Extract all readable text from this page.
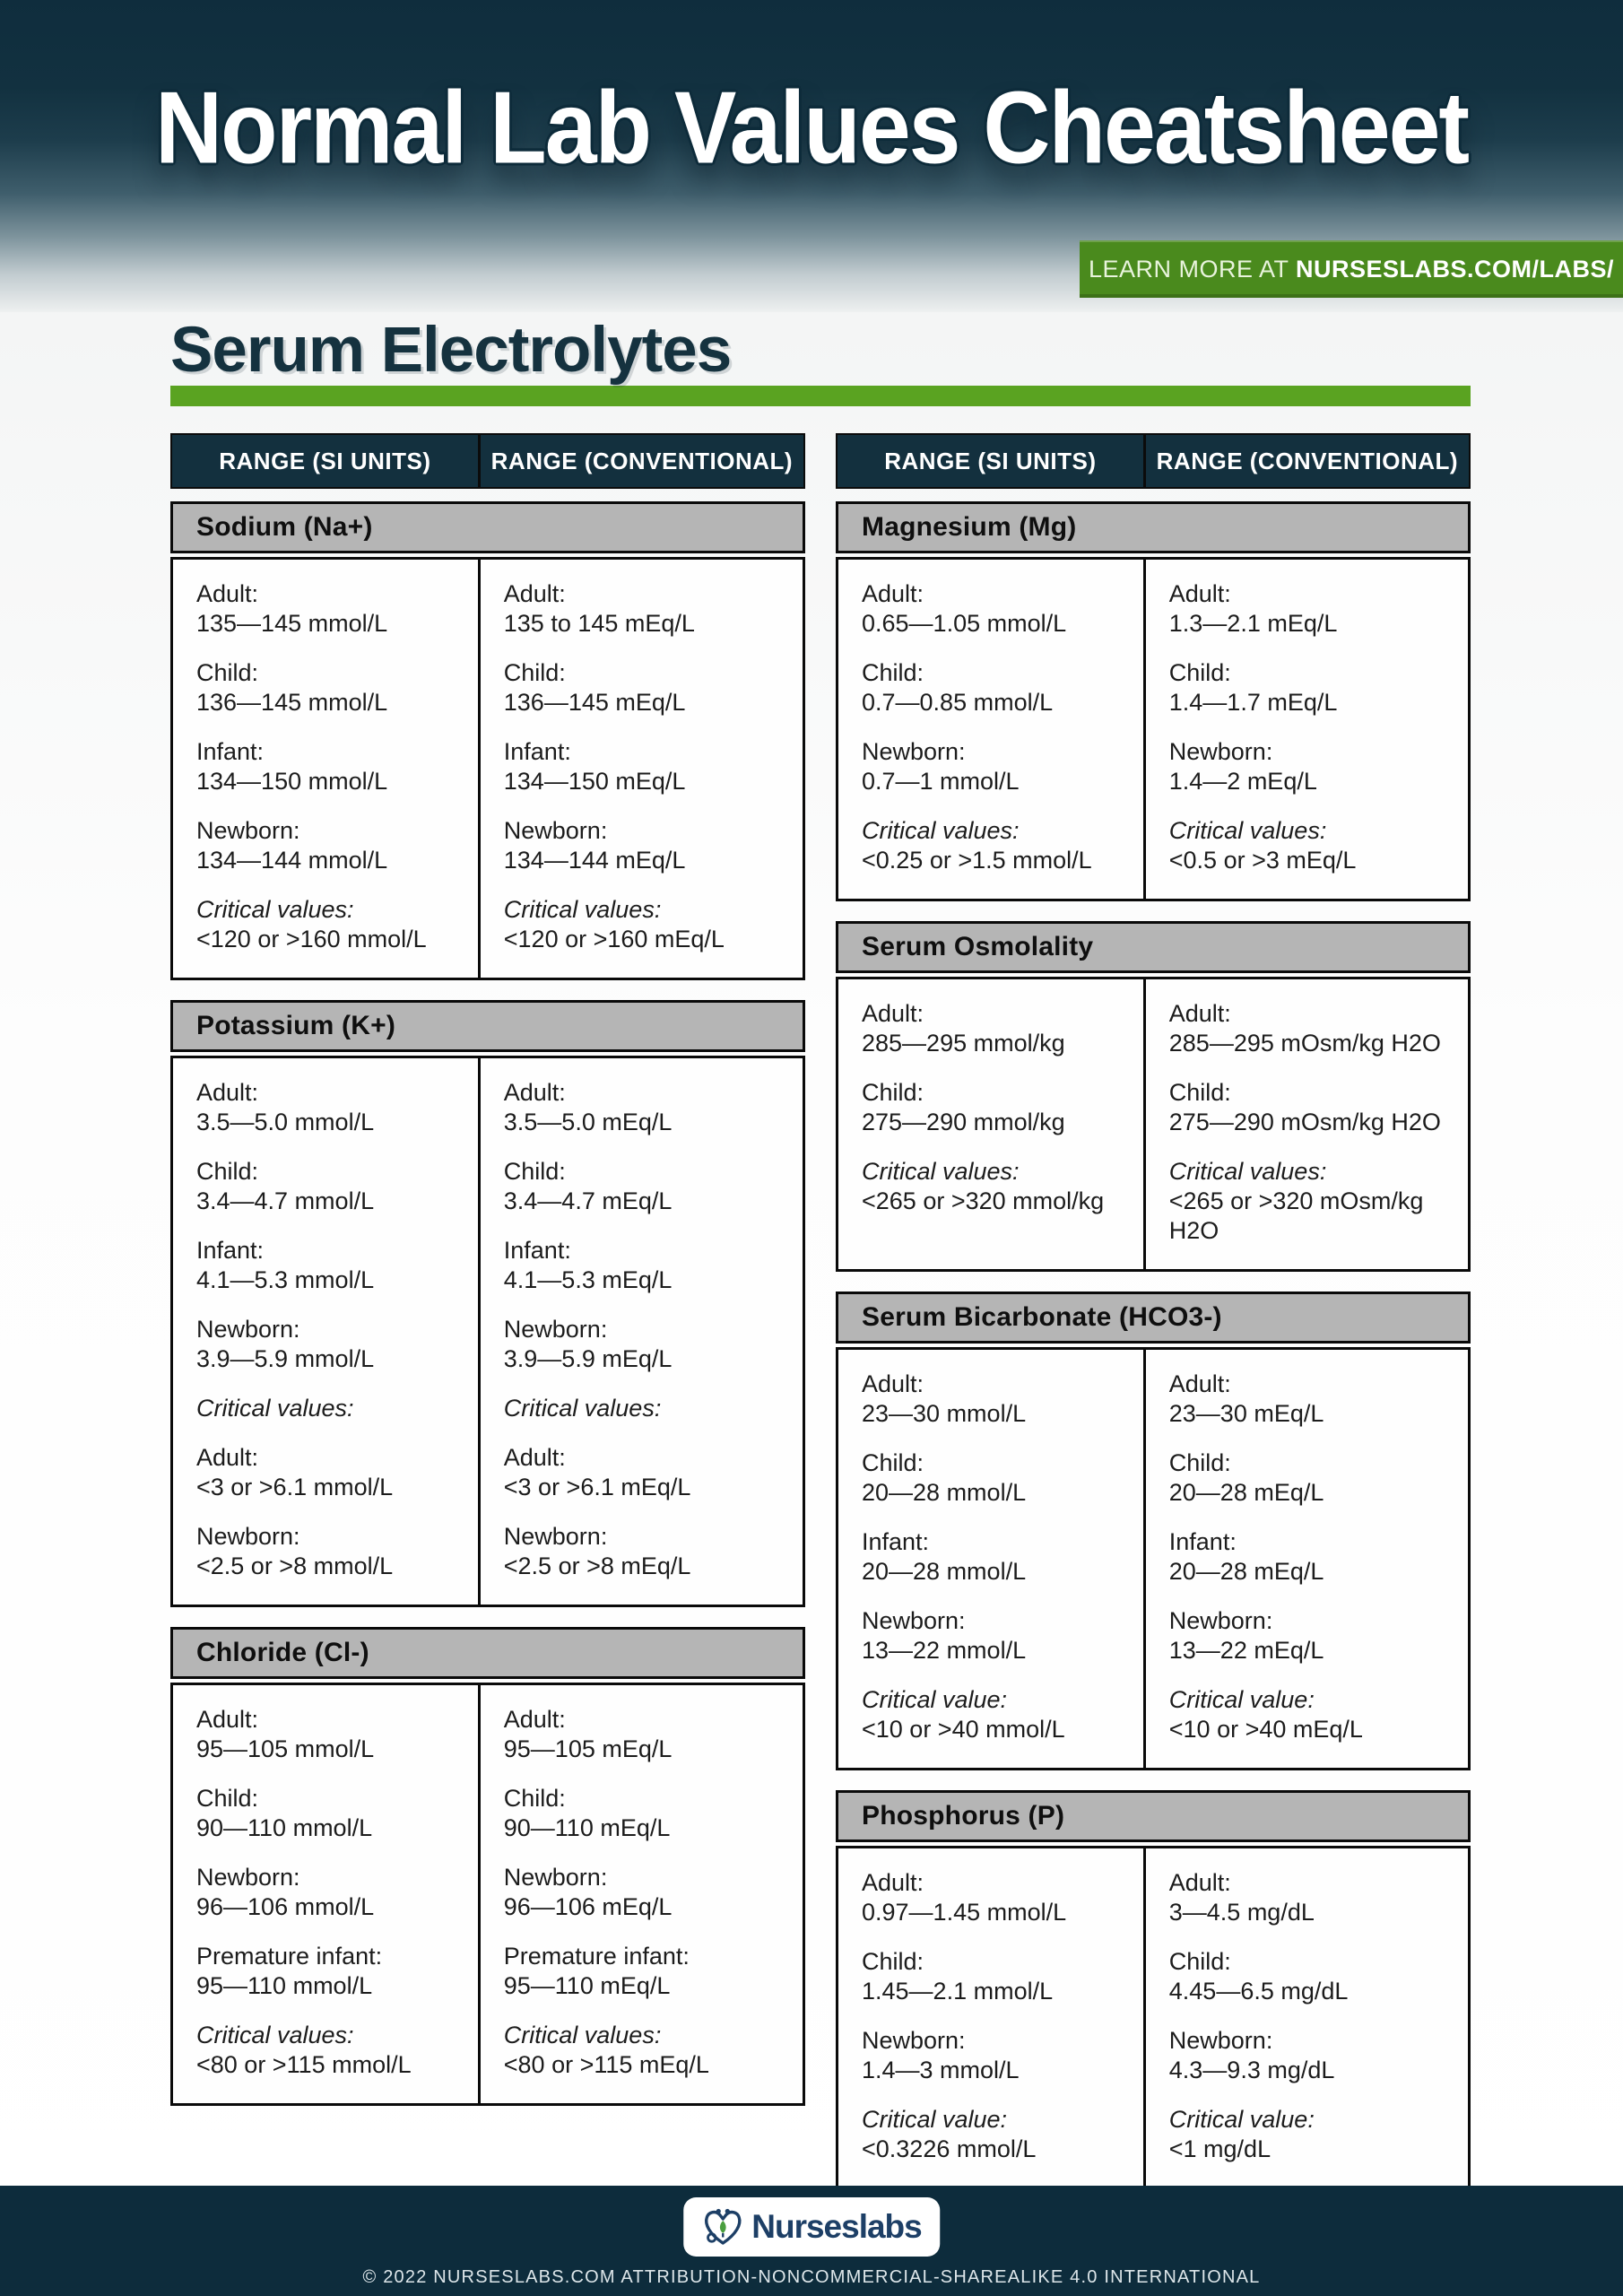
Normal Lab Values Cheatsheet
LEARN MORE AT NURSESLABS.COM/LABS/
Serum Electrolytes
RANGE (SI UNITS)	RANGE (CONVENTIONAL)
Sodium (Na+)
Adult:
135—145 mmol/L
Child:
136—145 mmol/L
Infant:
134—150 mmol/L
Newborn:
134—144 mmol/L
Critical values:
<120 or >160 mmol/L
Adult:
135 to 145 mEq/L
Child:
136—145 mEq/L
Infant:
134—150 mEq/L
Newborn:
134—144 mEq/L
Critical values:
<120 or >160 mEq/L
Potassium (K+)
Adult:
3.5—5.0 mmol/L
Child:
3.4—4.7 mmol/L
Infant:
4.1—5.3 mmol/L
Newborn:
3.9—5.9 mmol/L
Critical values:
Adult:
<3 or >6.1 mmol/L
Newborn:
<2.5 or >8 mmol/L
Adult:
3.5—5.0 mEq/L
Child:
3.4—4.7 mEq/L
Infant:
4.1—5.3 mEq/L
Newborn:
3.9—5.9 mEq/L
Critical values:
Adult:
<3 or >6.1 mEq/L
Newborn:
<2.5 or >8 mEq/L
Chloride (Cl-)
Adult:
95—105 mmol/L
Child:
90—110 mmol/L
Newborn:
96—106 mmol/L
Premature infant:
95—110 mmol/L
Critical values:
<80 or >115 mmol/L
Adult:
95—105 mEq/L
Child:
90—110 mEq/L
Newborn:
96—106 mEq/L
Premature infant:
95—110 mEq/L
Critical values:
<80 or >115 mEq/L
RANGE (SI UNITS)	RANGE (CONVENTIONAL)
Magnesium (Mg)
Adult:
0.65—1.05 mmol/L
Child:
0.7—0.85 mmol/L
Newborn:
0.7—1 mmol/L
Critical values:
<0.25 or >1.5 mmol/L
Adult:
1.3—2.1 mEq/L
Child:
1.4—1.7 mEq/L
Newborn:
1.4—2 mEq/L
Critical values:
<0.5 or >3 mEq/L
Serum Osmolality
Adult:
285—295 mmol/kg
Child:
275—290 mmol/kg
Critical values:
<265 or >320 mmol/kg
Adult:
285—295 mOsm/kg H2O
Child:
275—290 mOsm/kg H2O
Critical values:
<265 or >320 mOsm/kg H2O
Serum Bicarbonate (HCO3-)
Adult:
23—30 mmol/L
Child:
20—28 mmol/L
Infant:
20—28 mmol/L
Newborn:
13—22 mmol/L
Critical value:
<10 or >40 mmol/L
Adult:
23—30 mEq/L
Child:
20—28 mEq/L
Infant:
20—28 mEq/L
Newborn:
13—22 mEq/L
Critical value:
<10 or >40 mEq/L
Phosphorus (P)
Adult:
0.97—1.45 mmol/L
Child:
1.45—2.1 mmol/L
Newborn:
1.4—3 mmol/L
Critical value:
<0.3226 mmol/L
Adult:
3—4.5 mg/dL
Child:
4.45—6.5 mg/dL
Newborn:
4.3—9.3 mg/dL
Critical value:
<1 mg/dL
Nurseslabs
© 2022 NURSESLABS.COM ATTRIBUTION-NONCOMMERCIAL-SHAREALIKE 4.0 INTERNATIONAL
